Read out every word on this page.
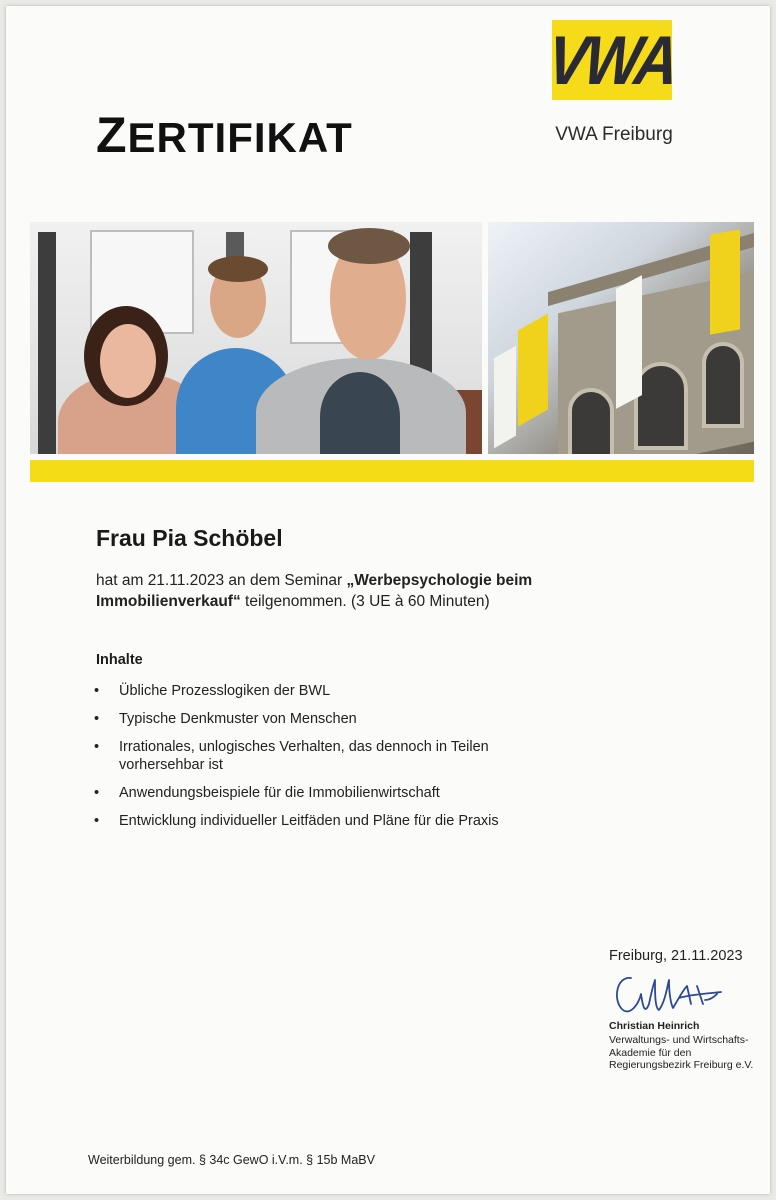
ZERTIFIKAT
VWA
VWA Freiburg
Frau Pia Schöbel
hat am 21.11.2023 an dem Seminar „Werbepsychologie beim Immobilienverkauf“ teilgenommen. (3 UE à 60 Minuten)
Inhalte
• Übliche Prozesslogiken der BWL
• Typische Denkmuster von Menschen
• Irrationales, unlogisches Verhalten, das dennoch in Teilen vorhersehbar ist
• Anwendungsbeispiele für die Immobilienwirtschaft
• Entwicklung individueller Leitfäden und Pläne für die Praxis
Freiburg, 21.11.2023
Christian Heinrich
Verwaltungs- und Wirtschafts-Akademie für den Regierungsbezirk Freiburg e.V.
Weiterbildung gem. § 34c GewO i.V.m. § 15b MaBV
